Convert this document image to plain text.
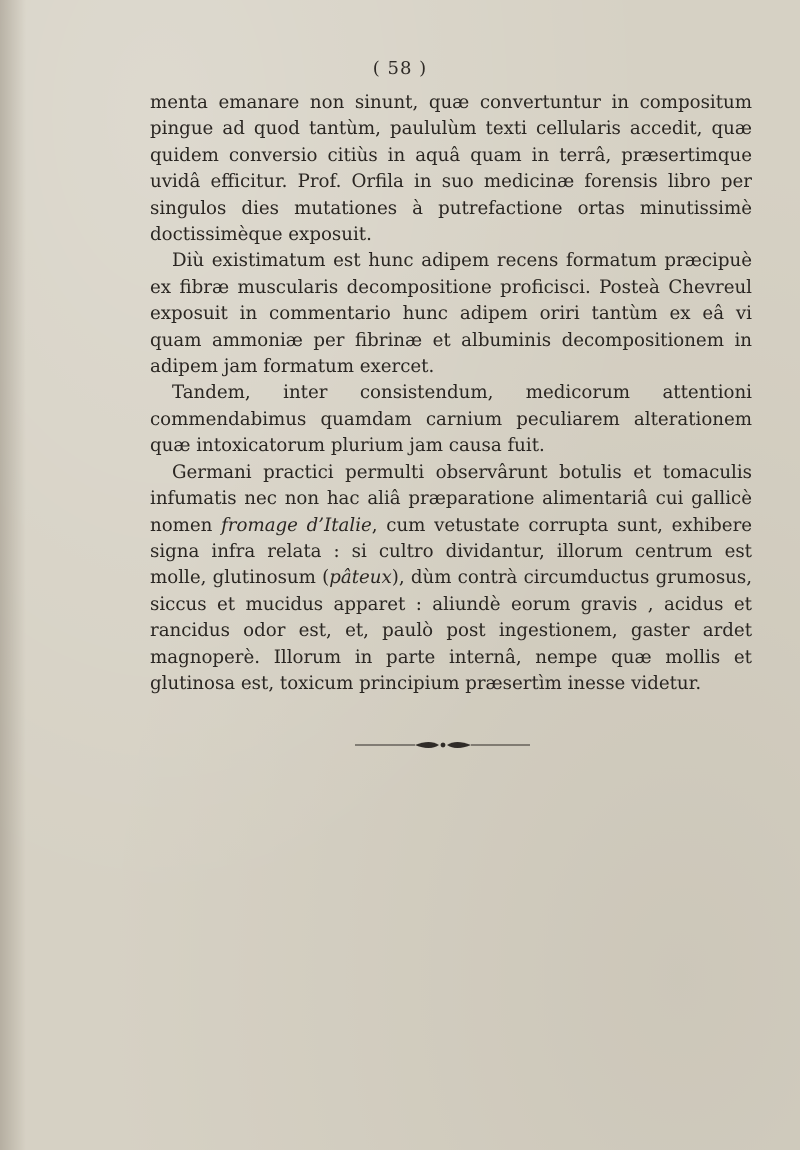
( 58 )

menta emanare non sinunt, quæ convertuntur in compositum pingue ad quod tantùm, paululùm texti cellularis accedit, quæ quidem conversio citiùs in aquâ quam in terrâ, præsertimque uvidâ efficitur. Prof. Orfila in suo medicinæ forensis libro per singulos dies mutationes à putrefactione ortas minutissimè doctissimèque exposuit.

Diù existimatum est hunc adipem recens formatum præcipuè ex fibræ muscularis decompositione proficisci. Posteà Chevreul exposuit in commentario hunc adipem oriri tantùm ex eâ vi quam ammoniæ per fibrinæ et albuminis decompositionem in adipem jam formatum exercet.

Tandem, inter consistendum, medicorum attentioni commendabimus quamdam carnium peculiarem alterationem quæ intoxicatorum plurium jam causa fuit.

Germani practici permulti observârunt botulis et tomaculis infumatis nec non hac aliâ præparatione alimentariâ cui gallicè nomen fromage d’Italie, cum vetustate corrupta sunt, exhibere signa infra relata : si cultro dividantur, illorum centrum est molle, glutinosum (pâteux), dùm contrà circumductus grumosus, siccus et mucidus apparet : aliundè eorum gravis , acidus et rancidus odor est, et, paulò post ingestionem, gaster ardet magnoperè. Illorum in parte internâ, nempe quæ mollis et glutinosa est, toxicum principium præsertìm inesse videtur.
